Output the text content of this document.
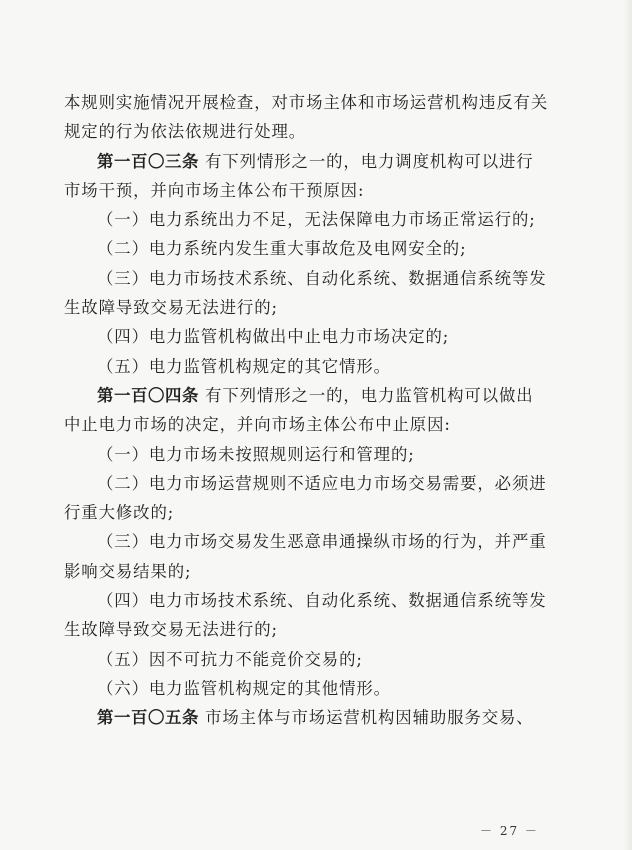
本规则实施情况开展检查，对市场主体和市场运营机构违反有关

规定的行为依法依规进行处理。

第一百〇三条 有下列情形之一的，电力调度机构可以进行

市场干预，并向市场主体公布干预原因:

（一）电力系统出力不足，无法保障电力市场正常运行的;

（二）电力系统内发生重大事故危及电网安全的;

（三）电力市场技术系统、自动化系统、数据通信系统等发

生故障导致交易无法进行的;

（四）电力监管机构做出中止电力市场决定的;

（五）电力监管机构规定的其它情形。

第一百〇四条 有下列情形之一的，电力监管机构可以做出

中止电力市场的决定，并向市场主体公布中止原因:

（一）电力市场未按照规则运行和管理的;

（二）电力市场运营规则不适应电力市场交易需要，必须进

行重大修改的;

（三）电力市场交易发生恶意串通操纵市场的行为，并严重

影响交易结果的;

（四）电力市场技术系统、自动化系统、数据通信系统等发

生故障导致交易无法进行的;

（五）因不可抗力不能竞价交易的;

（六）电力监管机构规定的其他情形。

第一百〇五条 市场主体与市场运营机构因辅助服务交易、

－ 27 －
